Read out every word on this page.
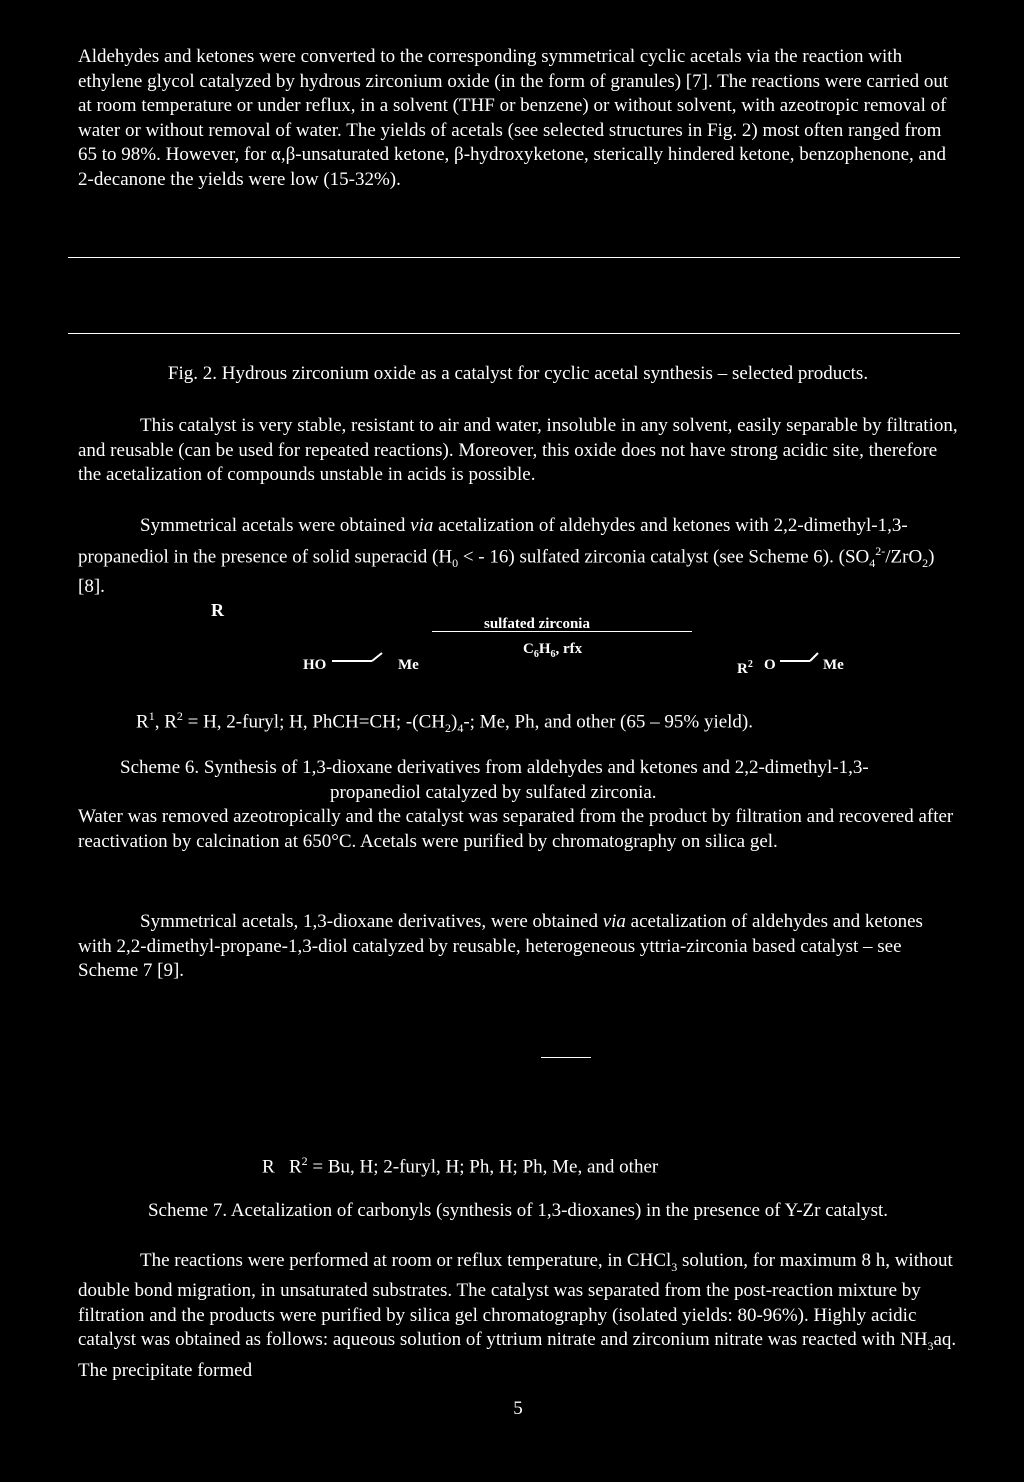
Aldehydes and ketones were converted to the corresponding symmetrical cyclic acetals via the reaction with ethylene glycol catalyzed by hydrous zirconium oxide (in the form of granules) [7]. The reactions were carried out at room temperature or under reflux, in a solvent (THF or benzene) or without solvent, with azeotropic removal of water or without removal of water. The yields of acetals (see selected structures in Fig. 2) most often ranged from 65 to 98%. However, for α,β-unsaturated ketone, β-hydroxyketone, sterically hindered ketone, benzophenone, and 2-decanone the yields were low (15-32%).

Fig. 2. Hydrous zirconium oxide as a catalyst for cyclic acetal synthesis – selected products.

This catalyst is very stable, resistant to air and water, insoluble in any solvent, easily separable by filtration, and reusable (can be used for repeated reactions). Moreover, this oxide does not have strong acidic site, therefore the acetalization of compounds unstable in acids is possible.

Symmetrical acetals were obtained via acetalization of aldehydes and ketones with 2,2-dimethyl-1,3-propanediol in the presence of solid superacid ($H_0$ < - 16) sulfated zirconia catalyst (see Scheme 6). $(SO_4^{2-}/ZrO_2)$ [8].

R
sulfated zirconia
$C_6H_6$, rfx
HO	Me	$R^2$ O	Me

$R^1$, $R^2 = H$, 2-furyl; H, PhCH=CH; $-(CH_2)_4-$; Me, Ph, and other (65 – 95% yield).

Scheme 6. Synthesis of 1,3-dioxane derivatives from aldehydes and ketones and 2,2-dimethyl-1,3-

propanediol catalyzed by sulfated zirconia.

Water was removed azeotropically and the catalyst was separated from the product by filtration and recovered after reactivation by calcination at 650°C. Acetals were purified by chromatography on silica gel.

Symmetrical acetals, 1,3-dioxane derivatives, were obtained via acetalization of aldehydes and ketones with 2,2-dimethyl-propane-1,3-diol catalyzed by reusable, heterogeneous yttria-zirconia based catalyst – see Scheme 7 [9].

R $R^2 = Bu$, H; 2-furyl, H; Ph, H; Ph, Me, and other

Scheme 7. Acetalization of carbonyls (synthesis of 1,3-dioxanes) in the presence of Y-Zr catalyst.

The reactions were performed at room or reflux temperature, in CHCl$_3$ solution, for maximum 8 h, without double bond migration, in unsaturated substrates. The catalyst was separated from the post-reaction mixture by filtration and the products were purified by silica gel chromatography (isolated yields: 80-96%). Highly acidic catalyst was obtained as follows: aqueous solution of yttrium nitrate and zirconium nitrate was reacted with $NH_3aq$. The precipitate formed

5
